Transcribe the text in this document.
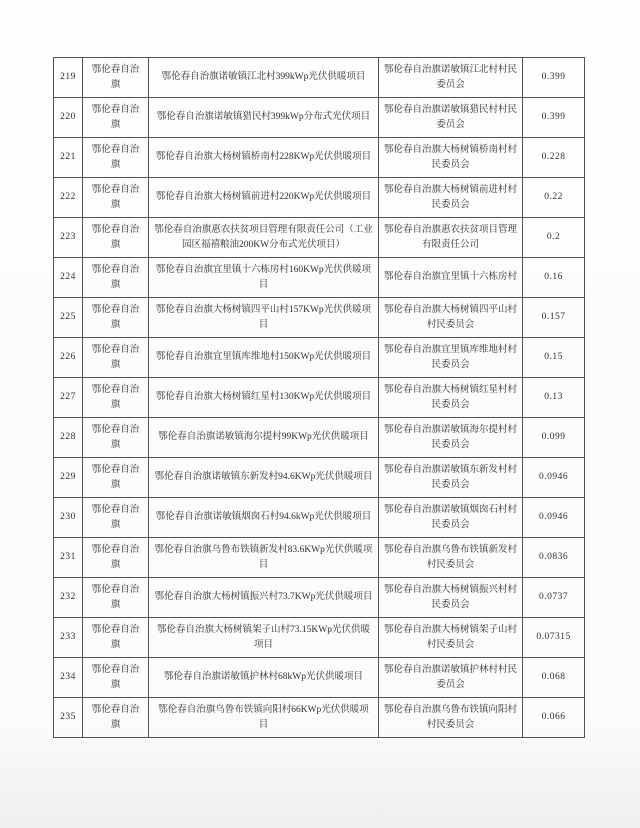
219	鄂伦春自治旗	鄂伦春自治旗诺敏镇江北村399kWp光伏供暖项目	鄂伦春自治旗诺敏镇江北村村民委员会	0.399
220	鄂伦春自治旗	鄂伦春自治旗诺敏镇猎民村399kWp分布式光伏项目	鄂伦春自治旗诺敏镇猎民村村民委员会	0.399
221	鄂伦春自治旗	鄂伦春自治旗大杨树镇桥南村228KWp光伏供暖项目	鄂伦春自治旗大杨树镇桥南村村民委员会	0.228
222	鄂伦春自治旗	鄂伦春自治旗大杨树镇前进村220KWp光伏供暖项目	鄂伦春自治旗大杨树镇前进村村民委员会	0.22
223	鄂伦春自治旗	鄂伦春自治旗惠农扶贫项目管理有限责任公司（工业园区福禧粮油200KW分布式光伏项目）	鄂伦春自治旗惠农扶贫项目管理有限责任公司	0.2
224	鄂伦春自治旗	鄂伦春自治旗宜里镇十六栋房村160KWp光伏供暖项目	鄂伦春自治旗宜里镇十六栋房村	0.16
225	鄂伦春自治旗	鄂伦春自治旗大杨树镇四平山村157KWp光伏供暖项目	鄂伦春自治旗大杨树镇四平山村村民委员会	0.157
226	鄂伦春自治旗	鄂伦春自治旗宜里镇库维地村150KWp光伏供暖项目	鄂伦春自治旗宜里镇库维地村村民委员会	0.15
227	鄂伦春自治旗	鄂伦春自治旗大杨树镇红星村130KWp光伏供暖项目	鄂伦春自治旗大杨树镇红星村村民委员会	0.13
228	鄂伦春自治旗	鄂伦春自治旗诺敏镇海尔提村99KWp光伏供暖项目	鄂伦春自治旗诺敏镇海尔提村村民委员会	0.099
229	鄂伦春自治旗	鄂伦春自治旗诺敏镇东新发村94.6KWp光伏供暖项目	鄂伦春自治旗诺敏镇东新发村村民委员会	0.0946
230	鄂伦春自治旗	鄂伦春自治旗诺敏镇烟囱石村94.6kWp光伏供暖项目	鄂伦春自治旗诺敏镇烟囱石村村民委员会	0.0946
231	鄂伦春自治旗	鄂伦春自治旗乌鲁布铁镇新发村83.6KWp光伏供暖项目	鄂伦春自治旗乌鲁布铁镇新发村村民委员会	0.0836
232	鄂伦春自治旗	鄂伦春自治旗大杨树镇振兴村73.7KWp光伏供暖项目	鄂伦春自治旗大杨树镇振兴村村民委员会	0.0737
233	鄂伦春自治旗	鄂伦春自治旗大杨树镇架子山村73.15KWp光伏供暖项目	鄂伦春自治旗大杨树镇架子山村村民委员会	0.07315
234	鄂伦春自治旗	鄂伦春自治旗诺敏镇护林村68kWp光伏供暖项目	鄂伦春自治旗诺敏镇护林村村民委员会	0.068
235	鄂伦春自治旗	鄂伦春自治旗乌鲁布铁镇向阳村66KWp光伏供暖项目	鄂伦春自治旗乌鲁布铁镇向阳村村民委员会	0.066
